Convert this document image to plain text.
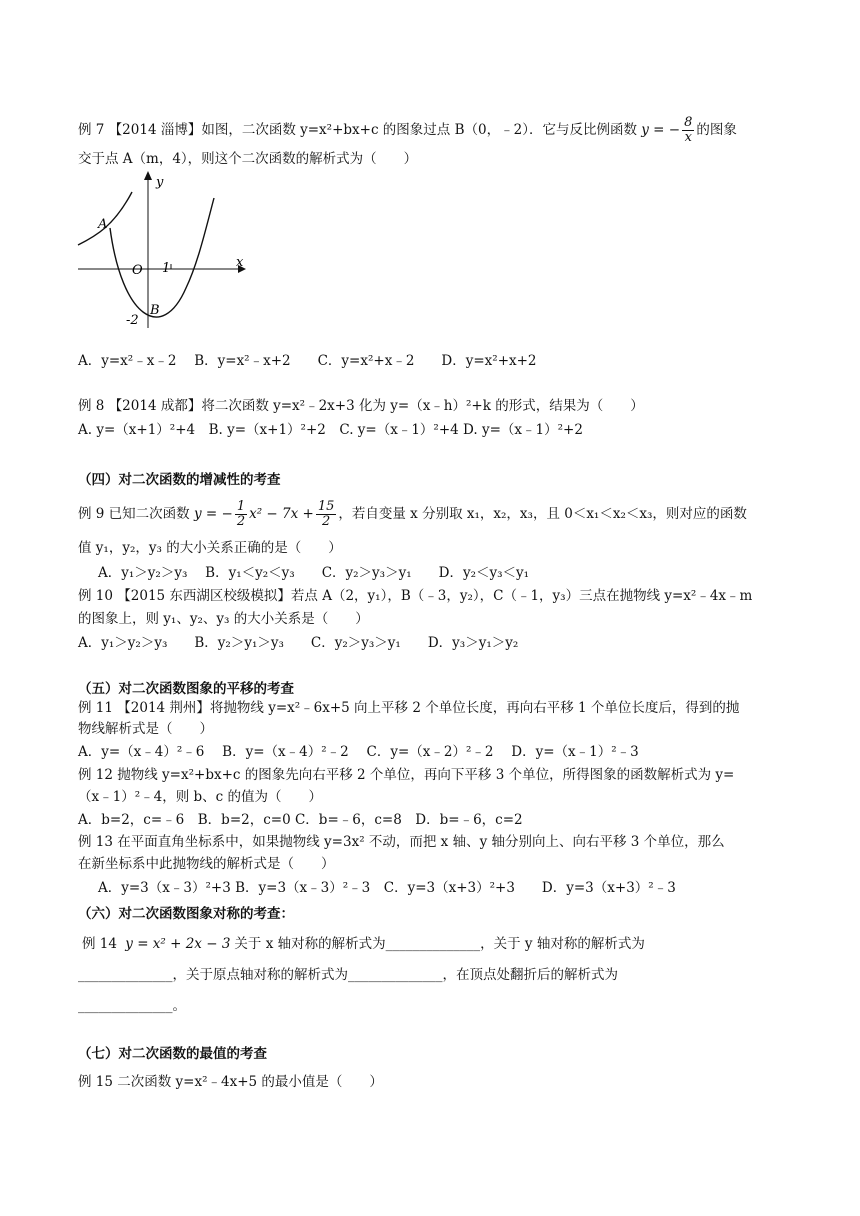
例 7 【2014 淄博】如图，二次函数 y=x²+bx+c 的图象过点 B（0，﹣2）．它与反比例函数 y = − $\frac{8}{x}$ 的图象
交于点 A（m，4），则这个二次函数的解析式为（　　）
y
x
O 1
A
B
-2
A．y=x²﹣x﹣2　 B．y=x²﹣x+2　　C．y=x²+x﹣2　　D．y=x²+x+2
例 8 【2014 成都】将二次函数 y=x²﹣2x+3 化为 y=（x﹣h）²+k 的形式，结果为（　　）
A. y=（x+1）²+4　B. y=（x+1）²+2　C. y=（x﹣1）²+4 D. y=（x﹣1）²+2
（四）对二次函数的增减性的考查
例 9 已知二次函数 y = − $\frac{1}{2} x^2 - 7x + \frac{15}{2}$ ，若自变量 x 分别取 x₁，x₂，x₃，且 0＜x₁＜x₂＜x₃，则对应的函数
值 y₁，y₂，y₃ 的大小关系正确的是（　　）
A．y₁＞y₂＞y₃　 B．y₁＜y₂＜y₃　　C．y₂＞y₃＞y₁　　D．y₂＜y₃＜y₁
例 10 【2015 东西湖区校级模拟】若点 A（2，y₁），B（﹣3，y₂），C（﹣1，y₃）三点在抛物线 y=x²﹣4x﹣m
的图象上，则 y₁、y₂、y₃ 的大小关系是（　　）
A．y₁＞y₂＞y₃　　B．y₂＞y₁＞y₃　　C．y₂＞y₃＞y₁　　D．y₃＞y₁＞y₂
（五）对二次函数图象的平移的考查
例 11 【2014 荆州】将抛物线 y=x²﹣6x+5 向上平移 2 个单位长度，再向右平移 1 个单位长度后，得到的抛
物线解析式是（　　）
A．y=（x﹣4）²﹣6　 B．y=（x﹣4）²﹣2　 C．y=（x﹣2）²﹣2　 D．y=（x﹣1）²﹣3
例 12 抛物线 y=x²+bx+c 的图象先向右平移 2 个单位，再向下平移 3 个单位，所得图象的函数解析式为 y=
（x﹣1）²﹣4，则 b、c 的值为（　　）
A．b=2，c=﹣6　B．b=2，c=0 C．b=﹣6，c=8　D．b=﹣6，c=2
例 13 在平面直角坐标系中，如果抛物线 y=3x² 不动，而把 x 轴、y 轴分别向上、向右平移 3 个单位，那么
在新坐标系中此抛物线的解析式是（　　）
A．y=3（x﹣3）²+3 B．y=3（x﹣3）²﹣3　C．y=3（x+3）²+3　　D．y=3（x+3）²﹣3
（六）对二次函数图象对称的考查：
例 14 y = x² + 2x − 3 关于 x 轴对称的解析式为______________，关于 y 轴对称的解析式为
______________，关于原点轴对称的解析式为______________，在顶点处翻折后的解析式为
______________。
（七）对二次函数的最值的考查
例 15 二次函数 y=x²﹣4x+5 的最小值是（　　）
